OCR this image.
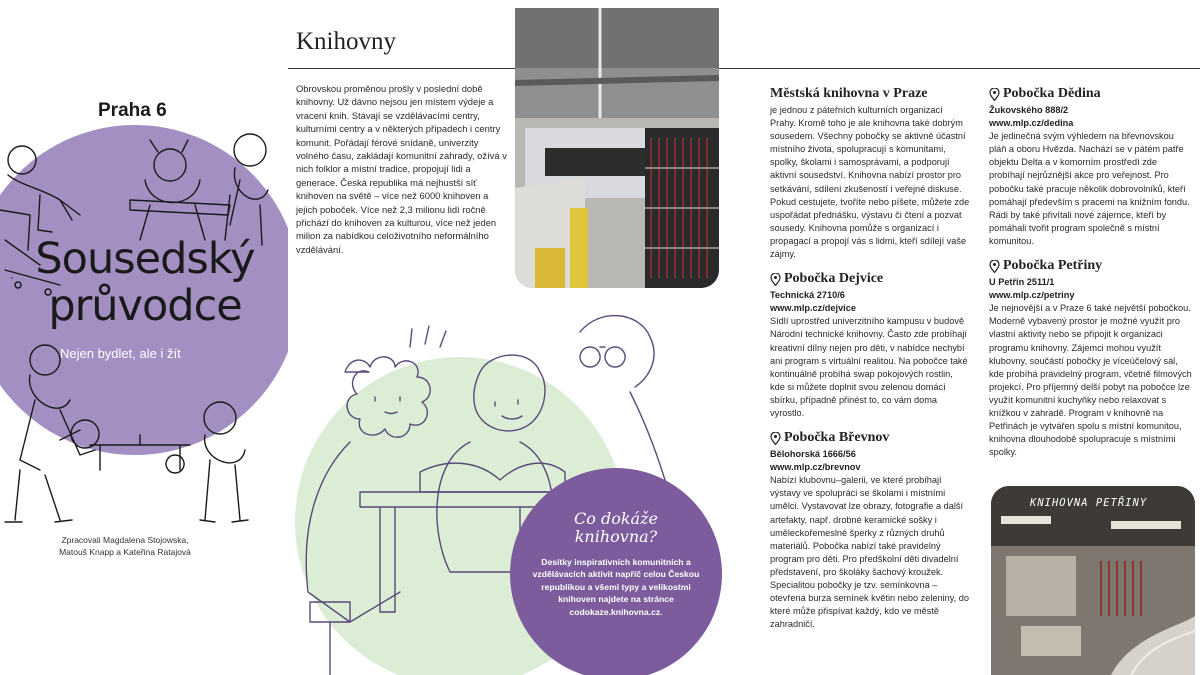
Praha 6
Sousedský
průvodce
Nejen bydlet, ale i žít
Zpracovali Magdalena Stojowska,
Matouš Knapp a Kateřina Ratajová
Knihovny
Obrovskou proměnou prošly v poslední době knihovny. Už dávno nejsou jen místem výdeje a vracení knih. Stávají se vzdělávacími centry, kulturními centry a v některých případech i centry komunit. Pořádají férové snídaně, univerzity volného času, zakládají komunitní zahrady, ožívá v nich folklor a místní tradice, propojují lidi a generace. Česká republika má nejhustší síť knihoven na světě – více než 6000 knihoven a jejich poboček. Více než 2,3 milionu lidí ročně přichází do knihoven za kulturou, více než jeden milion za nabídkou celoživotního neformálního vzdělávání.
Co dokáže
knihovna?
Desítky inspirativních komunitních a vzdělávacích aktivit napříč celou Českou republikou a všemi typy a velikostmi knihoven najdete na stránce codokaze.knihovna.cz.
Městská knihovna v Praze

je jednou z páteřních kulturních organizací Prahy. Kromě toho je ale knihovna také dobrým sousedem. Všechny pobočky se aktivně účastní místního života, spolupracují s komunitami, spolky, školami i samosprávami, a podporují aktivní sousedství. Knihovna nabízí prostor pro setkávání, sdílení zkušeností i veřejné diskuse. Pokud cestujete, tvoříte nebo píšete, můžete zde uspořádat přednášku, výstavu či čtení a pozvat sousedy. Knihovna pomůže s organizací i propagací a propojí vás s lidmi, kteří sdílejí vaše zájmy.

Pobočka Dejvice
Technická 2710/6
www.mlp.cz/dejvice

Sídlí uprostřed univerzitního kampusu v budově Národní technické knihovny. Často zde probíhají kreativní dílny nejen pro děti, v nabídce nechybí ani program s virtuální realitou. Na pobočce také kontinuálně probíhá swap pokojových rostlin, kde si můžete doplnit svou zelenou domácí sbírku, případně přinést to, co vám doma vyrostlo.

Pobočka Břevnov
Bělohorská 1666/56
www.mlp.cz/brevnov

Nabízí klubovnu–galerii, ve které probíhají výstavy ve spolupráci se školami i místními umělci. Vystavovat lze obrazy, fotografie a další artefakty, např. drobné keramické sošky i uměleckořemeslné šperky z různých druhů materiálů. Pobočka nabízí také pravidelný program pro děti. Pro předškolní děti divadelní představení, pro školáky šachový kroužek. Specialitou pobočky je tzv. semínkovna – otevřená burza semínek květin nebo zeleniny, do které může přispívat každý, kdo ve městě zahradničí.

Pobočka Dědina
Žukovského 888/2
www.mlp.cz/dedina

Je jedinečná svým výhledem na břevnovskou pláň a oboru Hvězda. Nachází se v pátém patře objektu Delta a v komorním prostředí zde probíhají nejrůznější akce pro veřejnost. Pro pobočku také pracuje několik dobrovolníků, kteří pomáhají především s pracemi na knižním fondu. Rádi by také přivítali nové zájemce, kteří by pomáhali tvořit program společně s místní komunitou.

Pobočka Petřiny
U Petřin 2511/1
www.mlp.cz/petriny

Je nejnovější a v Praze 6 také největší pobočkou. Moderně vybavený prostor je možné využít pro vlastní aktivity nebo se připojit k organizaci programu knihovny. Zájemci mohou využít klubovny, součástí pobočky je víceúčelový sál, kde probíhá pravidelný program, včetně filmových projekcí. Pro příjemný delší pobyt na pobočce lze využít komunitní kuchyňky nebo relaxovat s knížkou v zahradě. Program v knihovně na Petřinách je vytvářen spolu s místní komunitou, knihovna dlouhodobě spolupracuje s místními spolky.

KNIHOVNA PETŘINY
